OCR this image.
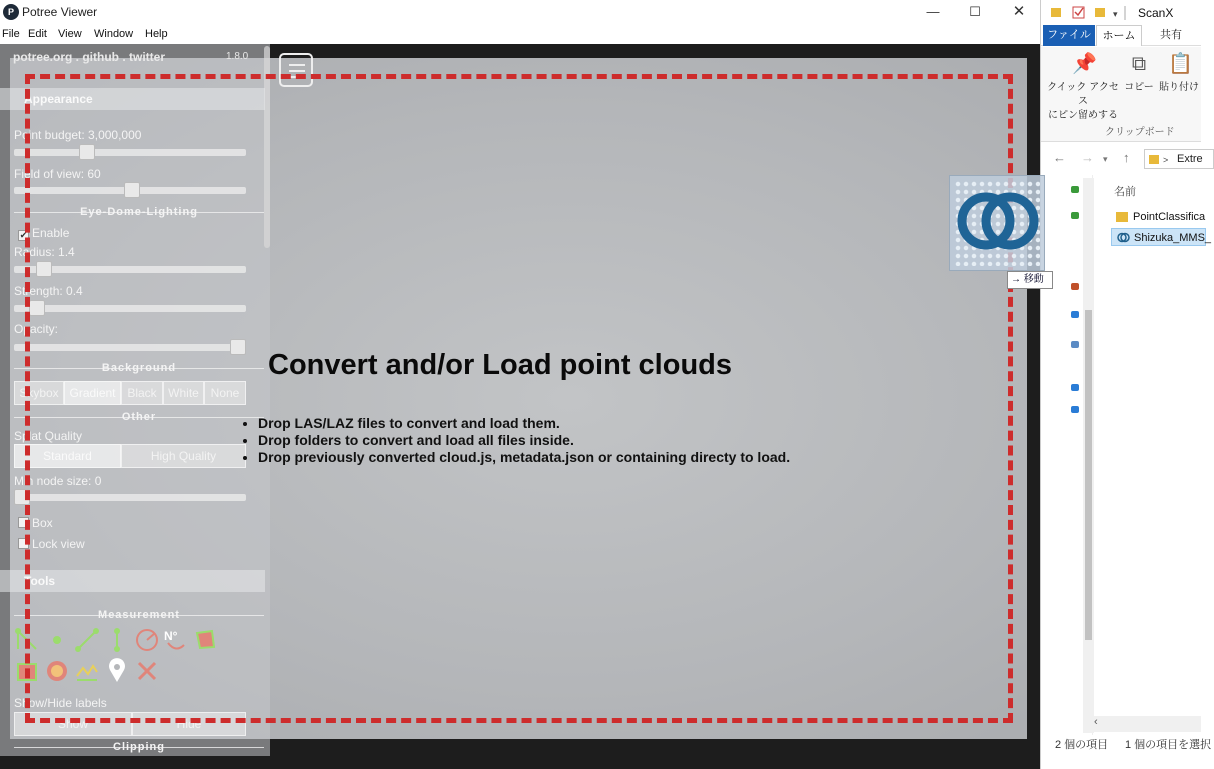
P Potree Viewer	—	☐	✕
File Edit View Window Help
potree.org . github . twitter	1.8.0
Appearance
Point budget: 3,000,000
Field of view: 60
Eye-Dome-Lighting
✔ Enable
Radius: 1.4
Strength: 0.4
Opacity:
Background
Skybox Gradient Black White None
Other
Splat Quality
Standard	High Quality
Min node size: 0
Box
Lock view
Tools
Measurement
N°
Show/Hide labels
Show	Hide
Clipping
Convert and/or Load point clouds
• Drop LAS/LAZ files to convert and load them.
• Drop folders to convert and load all files inside.
• Drop previously converted cloud.js, metadata.json or containing directy to load.
▾ ScanX
ファイル	ホーム	共有
📌
クイック アクセス
にピン留めする
⧉
コピー
📋
貼り付け
クリップボード
← → ▾ ↑	> Extre
名前
PointClassifica
Shizuka_MMS_
‹
2 個の項目 1 個の項目を選択
→ 移動
